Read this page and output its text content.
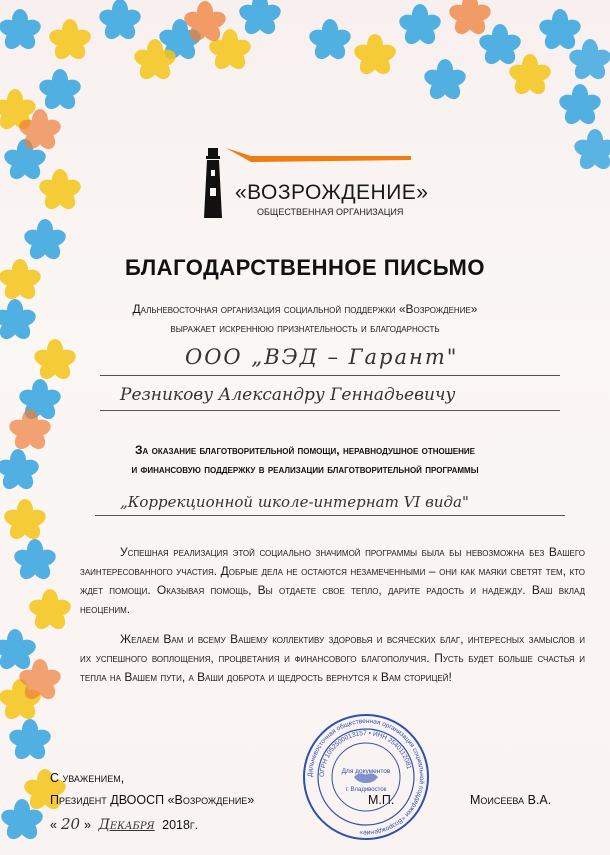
«ВОЗРОЖДЕНИЕ»
ОБЩЕСТВЕННАЯ ОРГАНИЗАЦИЯ
БЛАГОДАРСТВЕННОЕ ПИСЬМО
Дальневосточная организация социальной поддержки «Возрождение»
выражает искреннюю признательность и благодарность
ООО „ВЭД – Гарант"
Резникову Александру Геннадьевичу
За оказание благотворительной помощи, неравнодушное отношение
и финансовую поддержку в реализации благотворительной программы
„Коррекционной школе-интернат VI вида"
Успешная реализация этой социально значимой программы была бы невозможна без Вашего заинтересованного участия. Добрые дела не остаются незамеченными – они как маяки светят тем, кто ждет помощи. Оказывая помощь, Вы отдаете свое тепло, дарите радость и надежду. Ваш вклад неоценим.
Желаем Вам и всему Вашему коллективу здоровья и всяческих благ, интересных замыслов и их успешного воплощения, процветания и финансового благополучия. Пусть будет больше счастья и тепла на Вашем пути, а Ваши доброта и щедрость вернутся к Вам сторицей!
С уважением,
Президент ДВООСП «Возрождение»
« 20 » Декабря 2018г.
М.П.	Моисеева В.А.
Дальневосточная общественная организация социальной поддержки «Возрождение»
ОГРН 1052500013157 • ИНН 2540112081
Для документов
г. Владивосток
